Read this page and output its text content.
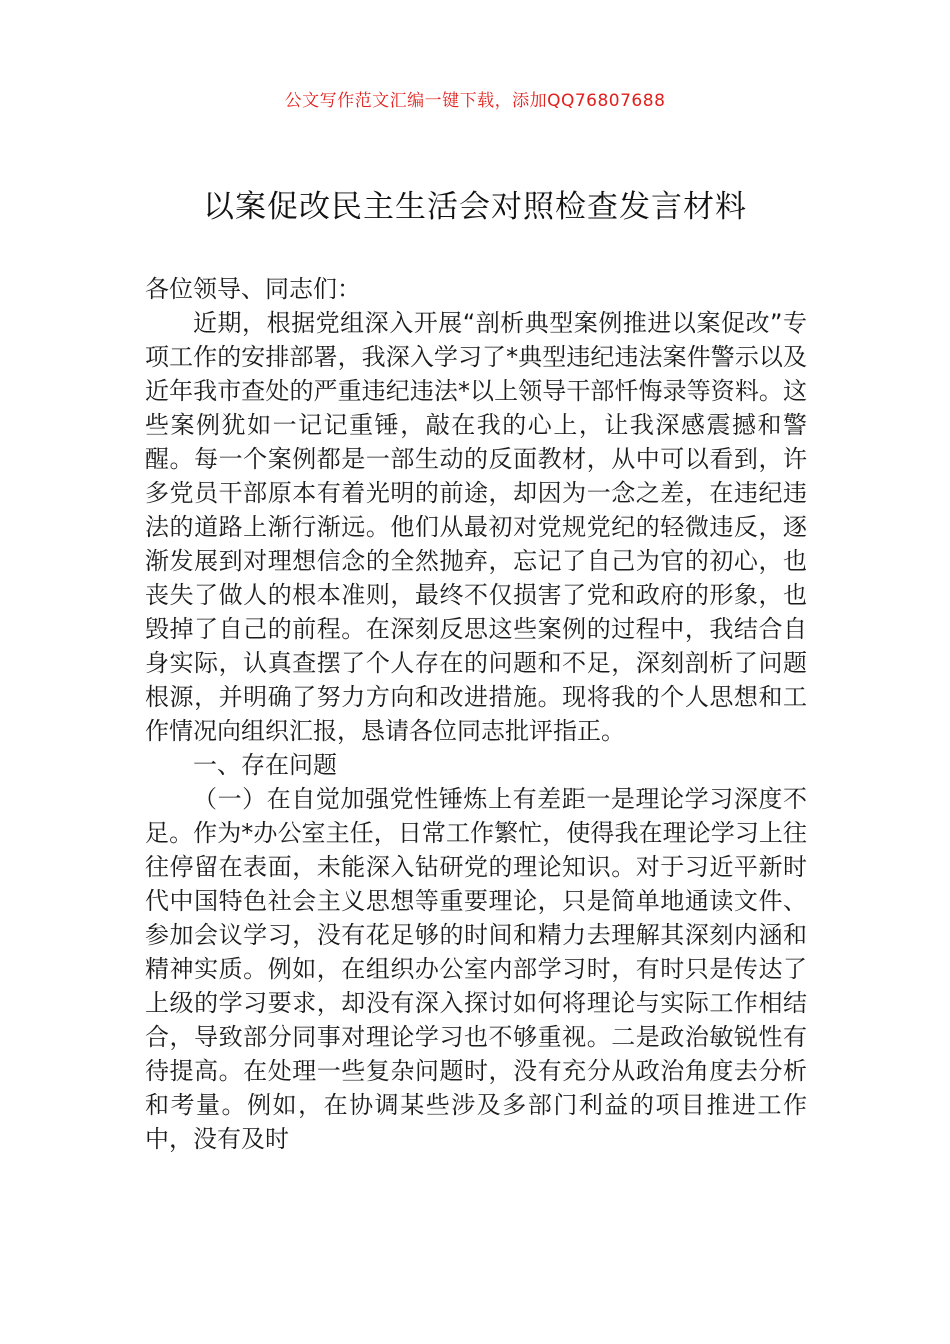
公文写作范文汇编一键下载，添加QQ76807688
以案促改民主生活会对照检查发言材料

各位领导、同志们：

近期，根据党组深入开展“剖析典型案例推进以案促改”专项工作的安排部署，我深入学习了*典型违纪违法案件警示以及近年我市查处的严重违纪违法*以上领导干部忏悔录等资料。这些案例犹如一记记重锤，敲在我的心上，让我深感震撼和警醒。每一个案例都是一部生动的反面教材，从中可以看到，许多党员干部原本有着光明的前途，却因为一念之差，在违纪违法的道路上渐行渐远。他们从最初对党规党纪的轻微违反，逐渐发展到对理想信念的全然抛弃，忘记了自己为官的初心，也丧失了做人的根本准则，最终不仅损害了党和政府的形象，也毁掉了自己的前程。在深刻反思这些案例的过程中，我结合自身实际，认真查摆了个人存在的问题和不足，深刻剖析了问题根源，并明确了努力方向和改进措施。现将我的个人思想和工作情况向组织汇报，恳请各位同志批评指正。

一、存在问题

（一）在自觉加强党性锤炼上有差距一是理论学习深度不足。作为*办公室主任，日常工作繁忙，使得我在理论学习上往往停留在表面，未能深入钻研党的理论知识。对于习近平新时代中国特色社会主义思想等重要理论，只是简单地通读文件、参加会议学习，没有花足够的时间和精力去理解其深刻内涵和精神实质。例如，在组织办公室内部学习时，有时只是传达了上级的学习要求，却没有深入探讨如何将理论与实际工作相结合，导致部分同事对理论学习也不够重视。二是政治敏锐性有待提高。在处理一些复杂问题时，没有充分从政治角度去分析和考量。例如，在协调某些涉及多部门利益的项目推进工作中，没有及时
